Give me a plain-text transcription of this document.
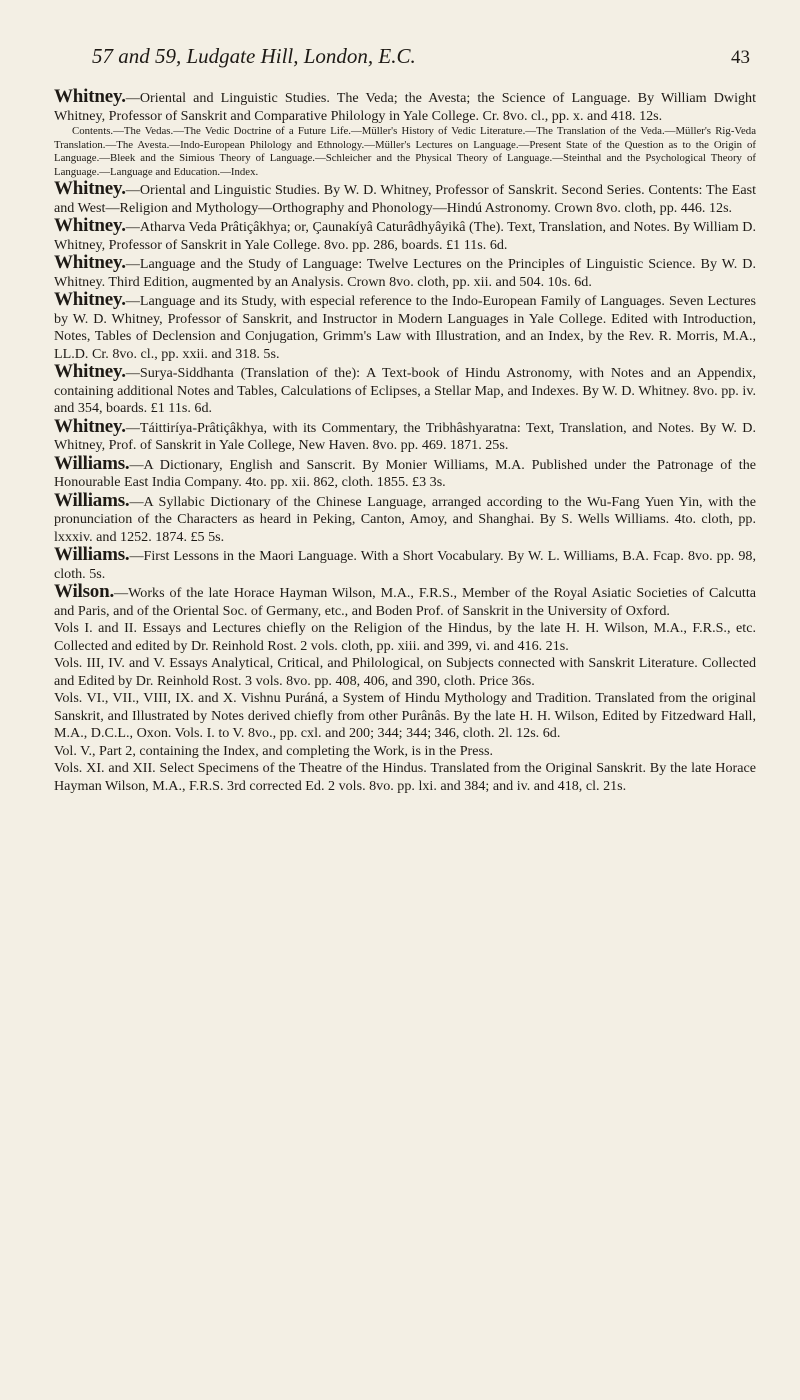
57 and 59, Ludgate Hill, London, E.C.	43

Whitney.—Oriental and Linguistic Studies. The Veda; the Avesta; the Science of Language. By William Dwight Whitney, Professor of Sanskrit and Comparative Philology in Yale College. Cr. 8vo. cl., pp. x. and 418. 12s.

Contents.—The Vedas.—The Vedic Doctrine of a Future Life.—Müller's History of Vedic Literature.—The Translation of the Veda.—Müller's Rig-Veda Translation.—The Avesta.—Indo-European Philology and Ethnology.—Müller's Lectures on Language.—Present State of the Question as to the Origin of Language.—Bleek and the Simious Theory of Language.—Schleicher and the Physical Theory of Language.—Steinthal and the Psychological Theory of Language.—Language and Education.—Index.

Whitney.—Oriental and Linguistic Studies. By W. D. Whitney, Professor of Sanskrit. Second Series. Contents: The East and West—Religion and Mythology—Orthography and Phonology—Hindú Astronomy. Crown 8vo. cloth, pp. 446. 12s.

Whitney.—Atharva Veda Prâtiçâkhya; or, Çaunakíyâ Caturâdhyâyikâ (The). Text, Translation, and Notes. By William D. Whitney, Professor of Sanskrit in Yale College. 8vo. pp. 286, boards. £1 11s. 6d.

Whitney.—Language and the Study of Language: Twelve Lectures on the Principles of Linguistic Science. By W. D. Whitney. Third Edition, augmented by an Analysis. Crown 8vo. cloth, pp. xii. and 504. 10s. 6d.

Whitney.—Language and its Study, with especial reference to the Indo-European Family of Languages. Seven Lectures by W. D. Whitney, Professor of Sanskrit, and Instructor in Modern Languages in Yale College. Edited with Introduction, Notes, Tables of Declension and Conjugation, Grimm's Law with Illustration, and an Index, by the Rev. R. Morris, M.A., LL.D. Cr. 8vo. cl., pp. xxii. and 318. 5s.

Whitney.—Surya-Siddhanta (Translation of the): A Text-book of Hindu Astronomy, with Notes and an Appendix, containing additional Notes and Tables, Calculations of Eclipses, a Stellar Map, and Indexes. By W. D. Whitney. 8vo. pp. iv. and 354, boards. £1 11s. 6d.

Whitney.—Táittiríya-Prâtiçâkhya, with its Commentary, the Tribhâshyaratna: Text, Translation, and Notes. By W. D. Whitney, Prof. of Sanskrit in Yale College, New Haven. 8vo. pp. 469. 1871. 25s.

Williams.—A Dictionary, English and Sanscrit. By Monier Williams, M.A. Published under the Patronage of the Honourable East India Company. 4to. pp. xii. 862, cloth. 1855. £3 3s.

Williams.—A Syllabic Dictionary of the Chinese Language, arranged according to the Wu-Fang Yuen Yin, with the pronunciation of the Characters as heard in Peking, Canton, Amoy, and Shanghai. By S. Wells Williams. 4to. cloth, pp. lxxxiv. and 1252. 1874. £5 5s.

Williams.—First Lessons in the Maori Language. With a Short Vocabulary. By W. L. Williams, B.A. Fcap. 8vo. pp. 98, cloth. 5s.

Wilson.—Works of the late Horace Hayman Wilson, M.A., F.R.S., Member of the Royal Asiatic Societies of Calcutta and Paris, and of the Oriental Soc. of Germany, etc., and Boden Prof. of Sanskrit in the University of Oxford.

Vols I. and II. Essays and Lectures chiefly on the Religion of the Hindus, by the late H. H. Wilson, M.A., F.R.S., etc. Collected and edited by Dr. Reinhold Rost. 2 vols. cloth, pp. xiii. and 399, vi. and 416. 21s.

Vols. III, IV. and V. Essays Analytical, Critical, and Philological, on Subjects connected with Sanskrit Literature. Collected and Edited by Dr. Reinhold Rost. 3 vols. 8vo. pp. 408, 406, and 390, cloth. Price 36s.

Vols. VI., VII., VIII, IX. and X. Vishnu Puráná, a System of Hindu Mythology and Tradition. Translated from the original Sanskrit, and Illustrated by Notes derived chiefly from other Purânâs. By the late H. H. Wilson, Edited by Fitzedward Hall, M.A., D.C.L., Oxon. Vols. I. to V. 8vo., pp. cxl. and 200; 344; 344; 346, cloth. 2l. 12s. 6d.

Vol. V., Part 2, containing the Index, and completing the Work, is in the Press.

Vols. XI. and XII. Select Specimens of the Theatre of the Hindus. Translated from the Original Sanskrit. By the late Horace Hayman Wilson, M.A., F.R.S. 3rd corrected Ed. 2 vols. 8vo. pp. lxi. and 384; and iv. and 418, cl. 21s.
